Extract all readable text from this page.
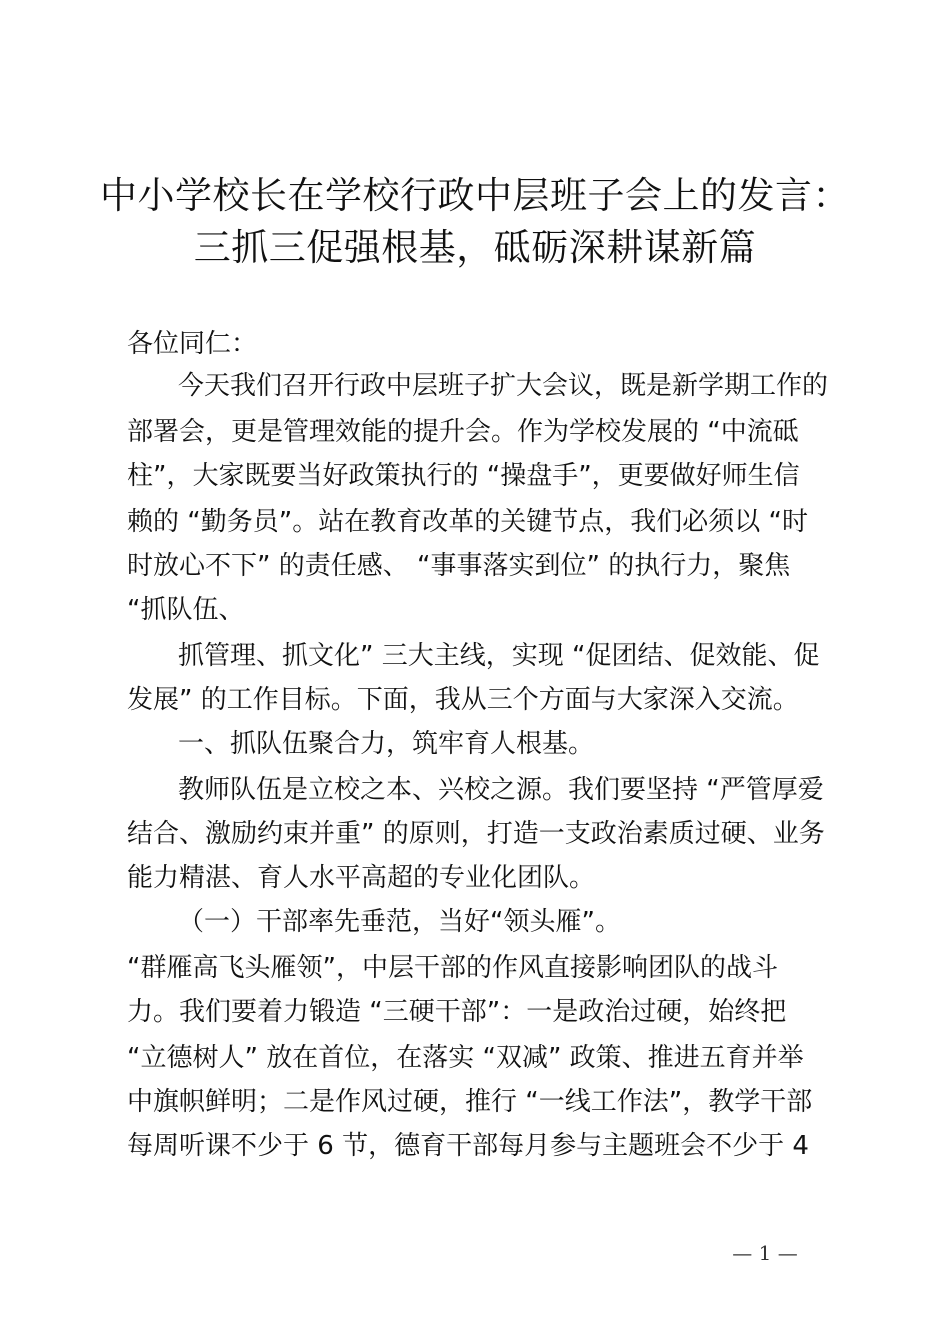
中小学校长在学校行政中层班子会上的发言：
三抓三促强根基，砥砺深耕谋新篇
各位同仁：
今天我们召开行政中层班子扩大会议，既是新学期工作的
部署会，更是管理效能的提升会。作为学校发展的 “中流砥
柱”，大家既要当好政策执行的 “操盘手”，更要做好师生信
赖的 “勤务员”。站在教育改革的关键节点，我们必须以 “时
时放心不下” 的责任感、 “事事落实到位” 的执行力，聚焦
“抓队伍、
抓管理、抓文化” 三大主线，实现 “促团结、促效能、促
发展” 的工作目标。下面，我从三个方面与大家深入交流。
一、抓队伍聚合力，筑牢育人根基。
教师队伍是立校之本、兴校之源。我们要坚持 “严管厚爱
结合、激励约束并重” 的原则，打造一支政治素质过硬、业务
能力精湛、育人水平高超的专业化团队。
（一）干部率先垂范，当好“领头雁”。
“群雁高飞头雁领”，中层干部的作风直接影响团队的战斗
力。我们要着力锻造 “三硬干部”：一是政治过硬，始终把
“立德树人” 放在首位，在落实 “双减” 政策、推进五育并举
中旗帜鲜明；二是作风过硬，推行 “一线工作法”，教学干部
每周听课不少于 6 节，德育干部每月参与主题班会不少于 4
— 1 —
